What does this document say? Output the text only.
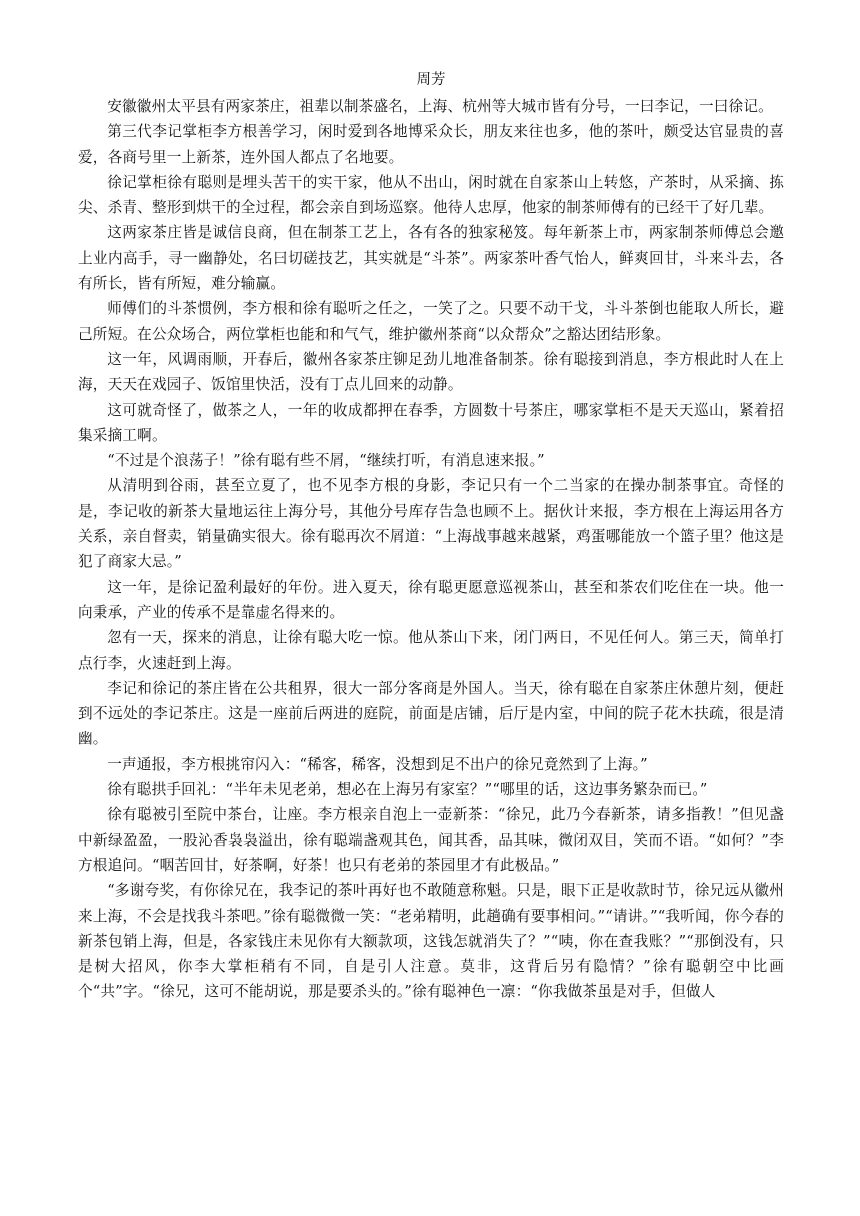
周芳

安徽徽州太平县有两家茶庄，祖辈以制茶盛名，上海、杭州等大城市皆有分号，一曰李记，一曰徐记。

第三代李记掌柜李方根善学习，闲时爱到各地博采众长，朋友来往也多，他的茶叶，颇受达官显贵的喜爱，各商号里一上新茶，连外国人都点了名地要。

徐记掌柜徐有聪则是埋头苦干的实干家，他从不出山，闲时就在自家茶山上转悠，产茶时，从采摘、拣尖、杀青、整形到烘干的全过程，都会亲自到场巡察。他待人忠厚，他家的制茶师傅有的已经干了好几辈。

这两家茶庄皆是诚信良商，但在制茶工艺上，各有各的独家秘笈。每年新茶上市，两家制茶师傅总会邀上业内高手，寻一幽静处，名曰切磋技艺，其实就是“斗茶”。两家茶叶香气怡人，鲜爽回甘，斗来斗去，各有所长，皆有所短，难分输赢。

师傅们的斗茶惯例，李方根和徐有聪听之任之，一笑了之。只要不动干戈，斗斗茶倒也能取人所长，避己所短。在公众场合，两位掌柜也能和和气气，维护徽州茶商“以众帮众”之豁达团结形象。

这一年，风调雨顺，开春后，徽州各家茶庄铆足劲儿地准备制茶。徐有聪接到消息，李方根此时人在上海，天天在戏园子、饭馆里快活，没有丁点儿回来的动静。

这可就奇怪了，做茶之人，一年的收成都押在春季，方圆数十号茶庄，哪家掌柜不是天天巡山，紧着招集采摘工啊。

“不过是个浪荡子！”徐有聪有些不屑，“继续打听，有消息速来报。”

从清明到谷雨，甚至立夏了，也不见李方根的身影，李记只有一个二当家的在操办制茶事宜。奇怪的是，李记收的新茶大量地运往上海分号，其他分号库存告急也顾不上。据伙计来报，李方根在上海运用各方关系，亲自督卖，销量确实很大。徐有聪再次不屑道：“上海战事越来越紧，鸡蛋哪能放一个篮子里？他这是犯了商家大忌。”

这一年，是徐记盈利最好的年份。进入夏天，徐有聪更愿意巡视茶山，甚至和茶农们吃住在一块。他一向秉承，产业的传承不是靠虚名得来的。

忽有一天，探来的消息，让徐有聪大吃一惊。他从茶山下来，闭门两日，不见任何人。第三天，简单打点行李，火速赶到上海。

李记和徐记的茶庄皆在公共租界，很大一部分客商是外国人。当天，徐有聪在自家茶庄休憩片刻，便赶到不远处的李记茶庄。这是一座前后两进的庭院，前面是店铺，后厅是内室，中间的院子花木扶疏，很是清幽。

一声通报，李方根挑帘闪入：“稀客，稀客，没想到足不出户的徐兄竟然到了上海。”

徐有聪拱手回礼：“半年未见老弟，想必在上海另有家室？”“哪里的话，这边事务繁杂而已。”

徐有聪被引至院中茶台，让座。李方根亲自泡上一壶新茶：“徐兄，此乃今春新茶，请多指教！”但见盏中新绿盈盈，一股沁香袅袅溢出，徐有聪端盏观其色，闻其香，品其味，微闭双目，笑而不语。“如何？”李方根追问。“咽苦回甘，好茶啊，好茶！也只有老弟的茶园里才有此极品。”

“多谢夸奖，有你徐兄在，我李记的茶叶再好也不敢随意称魁。只是，眼下正是收款时节，徐兄远从徽州来上海，不会是找我斗茶吧。”徐有聪微微一笑：“老弟精明，此趟确有要事相问。”“请讲。”“我听闻，你今春的新茶包销上海，但是，各家钱庄未见你有大额款项，这钱怎就消失了？”“咦，你在查我账？”“那倒没有，只是树大招风，你李大掌柜稍有不同，自是引人注意。莫非，这背后另有隐情？”徐有聪朝空中比画个“共”字。“徐兄，这可不能胡说，那是要杀头的。”徐有聪神色一凛：“你我做茶虽是对手，但做人
